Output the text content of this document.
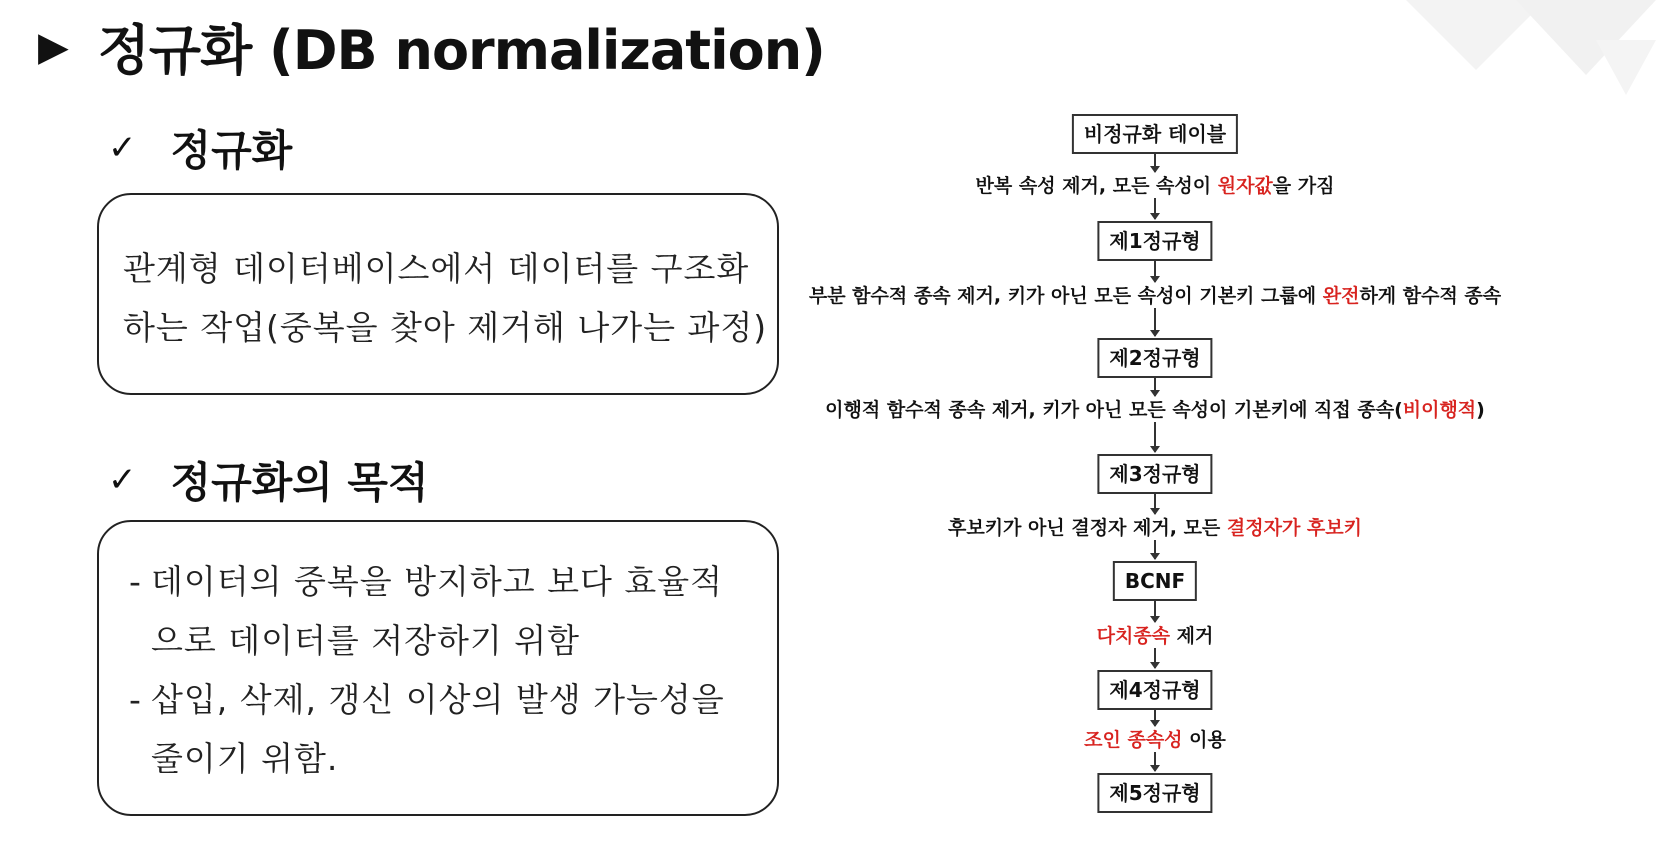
▶ 정규화 (DB normalization)
✓ 정규화
관계형 데이터베이스에서 데이터를 구조화
하는 작업(중복을 찾아 제거해 나가는 과정)
✓ 정규화의 목적
- 데이터의 중복을 방지하고 보다 효율적
으로 데이터를 저장하기 위함
- 삽입, 삭제, 갱신 이상의 발생 가능성을
줄이기 위함.
비정규화 테이블
제1정규형
제2정규형
제3정규형
BCNF
제4정규형
제5정규형
반복 속성 제거, 모든 속성이 원자값을 가짐
부분 함수적 종속 제거, 키가 아닌 모든 속성이 기본키 그룹에 완전하게 함수적 종속
이행적 함수적 종속 제거, 키가 아닌 모든 속성이 기본키에 직접 종속(비이행적)
후보키가 아닌 결정자 제거, 모든 결정자가 후보키
다치종속 제거
조인 종속성 이용
